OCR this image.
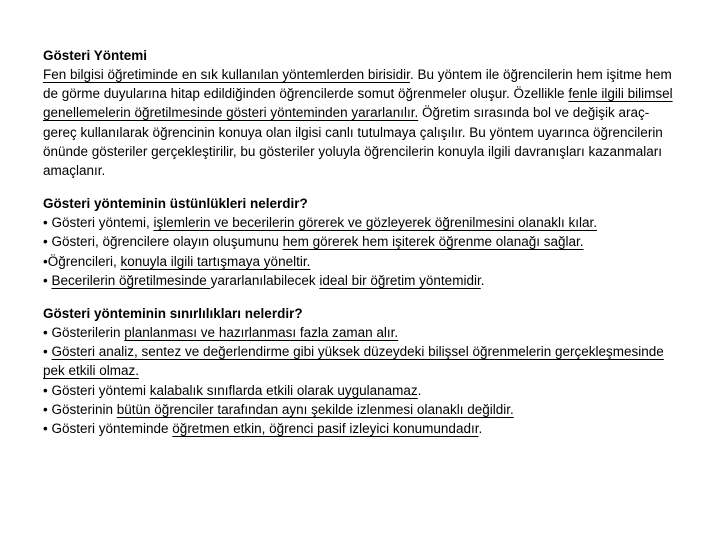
Gösteri Yöntemi
Fen bilgisi öğretiminde en sık kullanılan yöntemlerden birisidir. Bu yöntem ile öğrencilerin hem işitme hem de görme duyularına hitap edildiğinden öğrencilerde somut öğrenmeler oluşur. Özellikle fenle ilgili bilimsel genellemelerin öğretilmesinde gösteri yönteminden yararlanılır. Öğretim sırasında bol ve değişik araç-gereç kullanılarak öğrencinin konuya olan ilgisi canlı tutulmaya çalışılır. Bu yöntem uyarınca öğrencilerin önünde gösteriler gerçekleştirilir, bu gösteriler yoluyla öğrencilerin konuyla ilgili davranışları kazanmaları amaçlanır.
Gösteri yönteminin üstünlükleri nelerdir?
• Gösteri yöntemi, işlemlerin ve becerilerin görerek ve gözleyerek öğrenilmesini olanaklı kılar.
• Gösteri, öğrencilere olayın oluşumunu hem görerek hem işiterek öğrenme olanağı sağlar.
•Öğrencileri, konuyla ilgili tartışmaya yöneltir.
• Becerilerin öğretilmesinde yararlanılabilecek ideal bir öğretim yöntemidir.
Gösteri yönteminin sınırlılıkları nelerdir?
• Gösterilerin planlanması ve hazırlanması fazla zaman alır.
• Gösteri analiz, sentez ve değerlendirme gibi yüksek düzeydeki bilişsel öğrenmelerin gerçekleşmesinde pek etkili olmaz.
• Gösteri yöntemi kalabalık sınıflarda etkili olarak uygulanamaz.
• Gösterinin bütün öğrenciler tarafından aynı şekilde izlenmesi olanaklı değildir.
• Gösteri yönteminde öğretmen etkin, öğrenci pasif izleyici konumundadır.
